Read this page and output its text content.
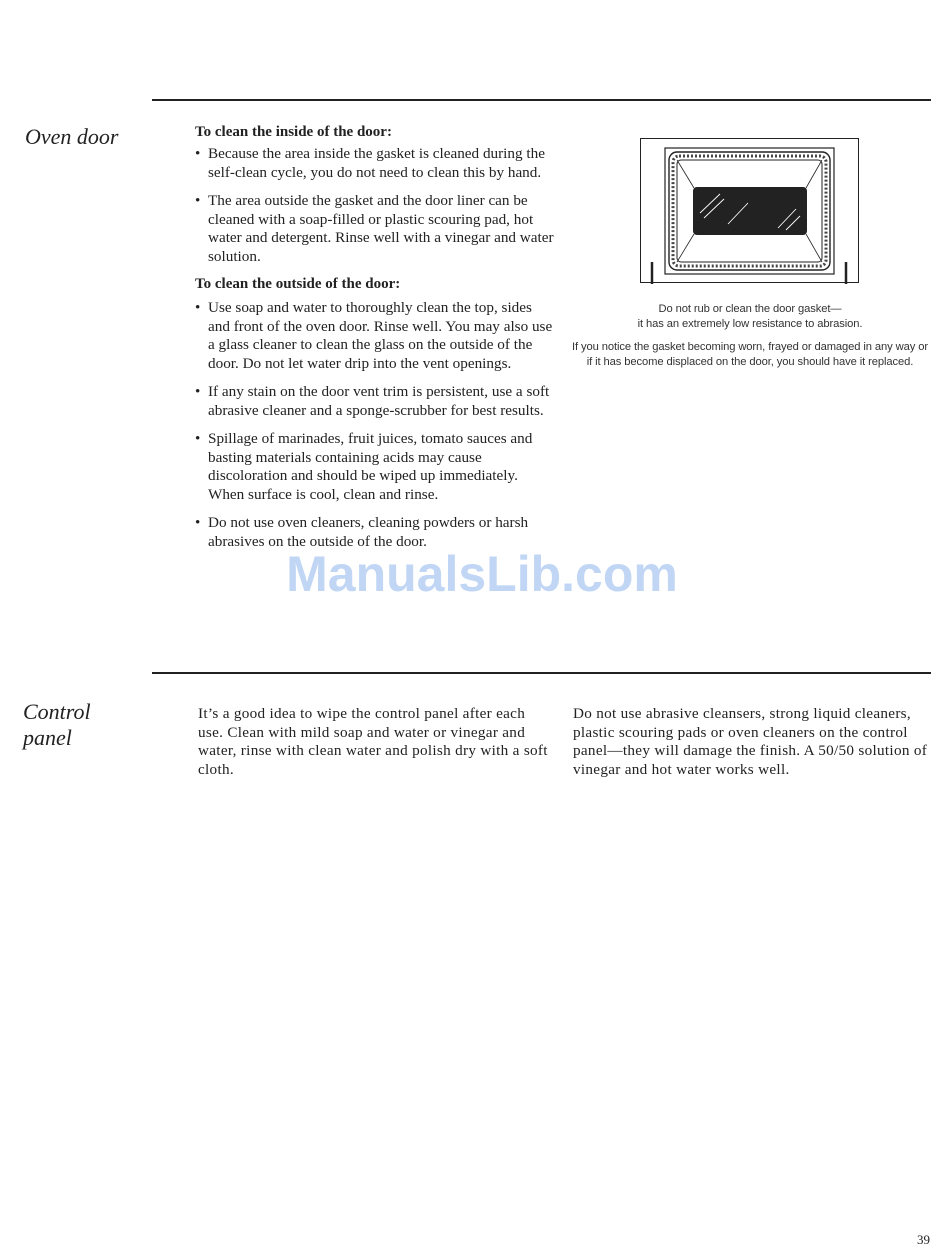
Oven door	To clean the inside of the door:
• Because the area inside the gasket is cleaned during the self-clean cycle, you do not need to clean this by hand.
• The area outside the gasket and the door liner can be cleaned with a soap-filled or plastic scouring pad, hot water and detergent. Rinse well with a vinegar and water solution.
To clean the outside of the door:
• Use soap and water to thoroughly clean the top, sides and front of the oven door. Rinse well. You may also use a glass cleaner to clean the glass on the outside of the door. Do not let water drip into the vent openings.
• If any stain on the door vent trim is persistent, use a soft abrasive cleaner and a sponge-scrubber for best results.
• Spillage of marinades, fruit juices, tomato sauces and basting materials containing acids may cause discoloration and should be wiped up immediately. When surface is cool, clean and rinse.
• Do not use oven cleaners, cleaning powders or harsh abrasives on the outside of the door.
Do not rub or clean the door gasket—
it has an extremely low resistance to abrasion.
If you notice the gasket becoming worn, frayed or damaged in any way or
if it has become displaced on the door, you should have it replaced.
Control
panel

It’s a good idea to wipe the control panel after each use. Clean with mild soap and water or vinegar and water, rinse with clean water and polish dry with a soft cloth.

Do not use abrasive cleansers, strong liquid cleaners, plastic scouring pads or oven cleaners on the control panel—they will damage the finish. A 50/50 solution of vinegar and hot water works well.

ManualsLib.com
39
